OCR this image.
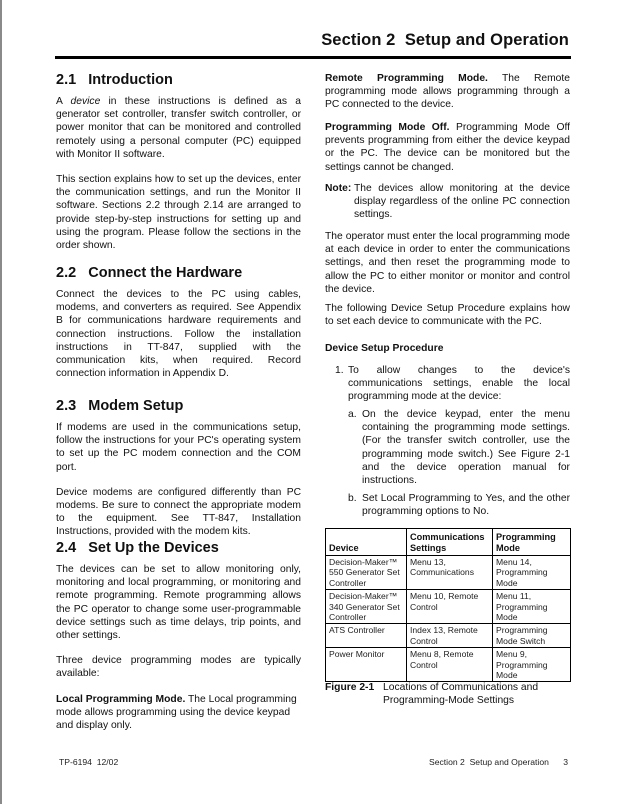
Section 2  Setup and Operation
2.1   Introduction

A device in these instructions is defined as a generator set controller, transfer switch controller, or power monitor that can be monitored and controlled remotely using a personal computer (PC) equipped with Monitor II software.

This section explains how to set up the devices, enter the communication settings, and run the Monitor II software. Sections 2.2 through 2.14 are arranged to provide step-by-step instructions for setting up and using the program. Please follow the sections in the order shown.

2.2   Connect the Hardware

Connect the devices to the PC using cables, modems, and converters as required. See Appendix B for communications hardware requirements and connection instructions. Follow the installation instructions in TT-847, supplied with the communication kits, when required. Record connection information in Appendix D.

2.3   Modem Setup

If modems are used in the communications setup, follow the instructions for your PC's operating system to set up the PC modem connection and the COM port.

Device modems are configured differently than PC modems. Be sure to connect the appropriate modem to the equipment. See TT-847, Installation Instructions, provided with the modem kits.

2.4   Set Up the Devices

The devices can be set to allow monitoring only, monitoring and local programming, or monitoring and remote programming. Remote programming allows the PC operator to change some user-programmable device settings such as time delays, trip points, and other settings.

Three device programming modes are typically available:

Local Programming Mode. The Local programming mode allows programming using the device keypad and display only.

Remote Programming Mode. The Remote programming mode allows programming through a PC connected to the device.

Programming Mode Off. Programming Mode Off prevents programming from either the device keypad or the PC. The device can be monitored but the settings cannot be changed.

Note: The devices allow monitoring at the device display regardless of the online PC connection settings.

The operator must enter the local programming mode at each device in order to enter the communications settings, and then reset the programming mode to allow the PC to either monitor or monitor and control the device.

The following Device Setup Procedure explains how to set each device to communicate with the PC.

Device Setup Procedure
1. To allow changes to the device's communications settings, enable the local programming mode at the device:
a. On the device keypad, enter the menu containing the programming mode settings. (For the transfer switch controller, use the programming mode switch.) See Figure 2-1 and the device operation manual for instructions.
b. Set Local Programming to Yes, and the other programming options to No.
Device	Communications Settings	Programming Mode
Decision-Maker™ 550 Generator Set Controller	Menu 13, Communications	Menu 14, Programming Mode
Decision-Maker™ 340 Generator Set Controller	Menu 10, Remote Control	Menu 11, Programming Mode
ATS Controller	Index 13, Remote Control	Programming Mode Switch
Power Monitor	Menu 8, Remote Control	Menu 9, Programming Mode
Figure 2-1 Locations of Communications and Programming-Mode Settings
TP-6194  12/02	Section 2  Setup and Operation      3
